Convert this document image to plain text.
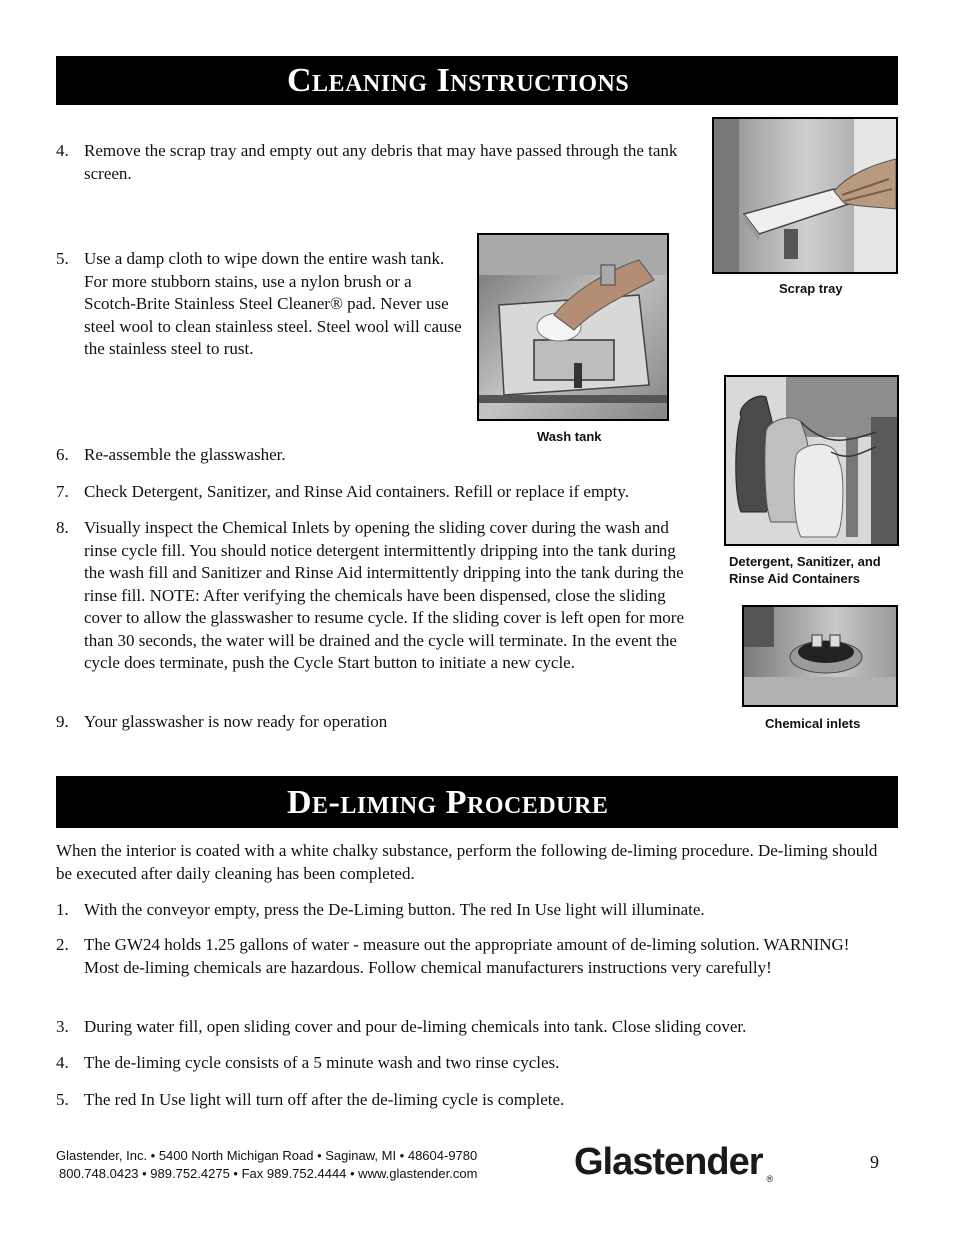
Cleaning Instructions
4. Remove the scrap tray and empty out any debris that may have passed through the tank screen.
5. Use a damp cloth to wipe down the entire wash tank. For more stubborn stains, use a nylon brush or a Scotch-Brite Stainless Steel Cleaner® pad. Never use steel wool to clean stainless steel. Steel wool will cause the stainless steel to rust.
6. Re-assemble the glasswasher.
7. Check Detergent, Sanitizer, and Rinse Aid containers. Refill or replace if empty.
8. Visually inspect the Chemical Inlets by opening the sliding cover during the wash and rinse cycle fill. You should notice detergent intermittently dripping into the tank during the wash fill and Sanitizer and Rinse Aid intermittently dripping into the tank during the rinse fill. NOTE: After verifying the chemicals have been dispensed, close the sliding cover to allow the glasswasher to resume cycle. If the sliding cover is left open for more than 30 seconds, the water will be drained and the cycle will terminate. In the event the cycle does terminate, push the Cycle Start button to initiate a new cycle.
9. Your glasswasher is now ready for operation
Scrap tray
Wash tank
Detergent, Sanitizer, and
Rinse Aid Containers
Chemical inlets
De-liming Procedure
When the interior is coated with a white chalky substance, perform the following de-liming procedure. De-liming should be executed after daily cleaning has been completed.
1. With the conveyor empty, press the De-Liming button. The red In Use light will illuminate.
2. The GW24 holds 1.25 gallons of water - measure out the appropriate amount of de-liming solution. WARNING! Most de-liming chemicals are hazardous. Follow chemical manufacturers instructions very carefully!
3. During water fill, open sliding cover and pour de-liming chemicals into tank. Close sliding cover.
4. The de-liming cycle consists of a 5 minute wash and two rinse cycles.
5. The red In Use light will turn off after the de-liming cycle is complete.
Glastender, Inc. • 5400 North Michigan Road • Saginaw, MI • 48604-9780
800.748.0423 • 989.752.4275 • Fax 989.752.4444 • www.glastender.com	Glastender ®
9
